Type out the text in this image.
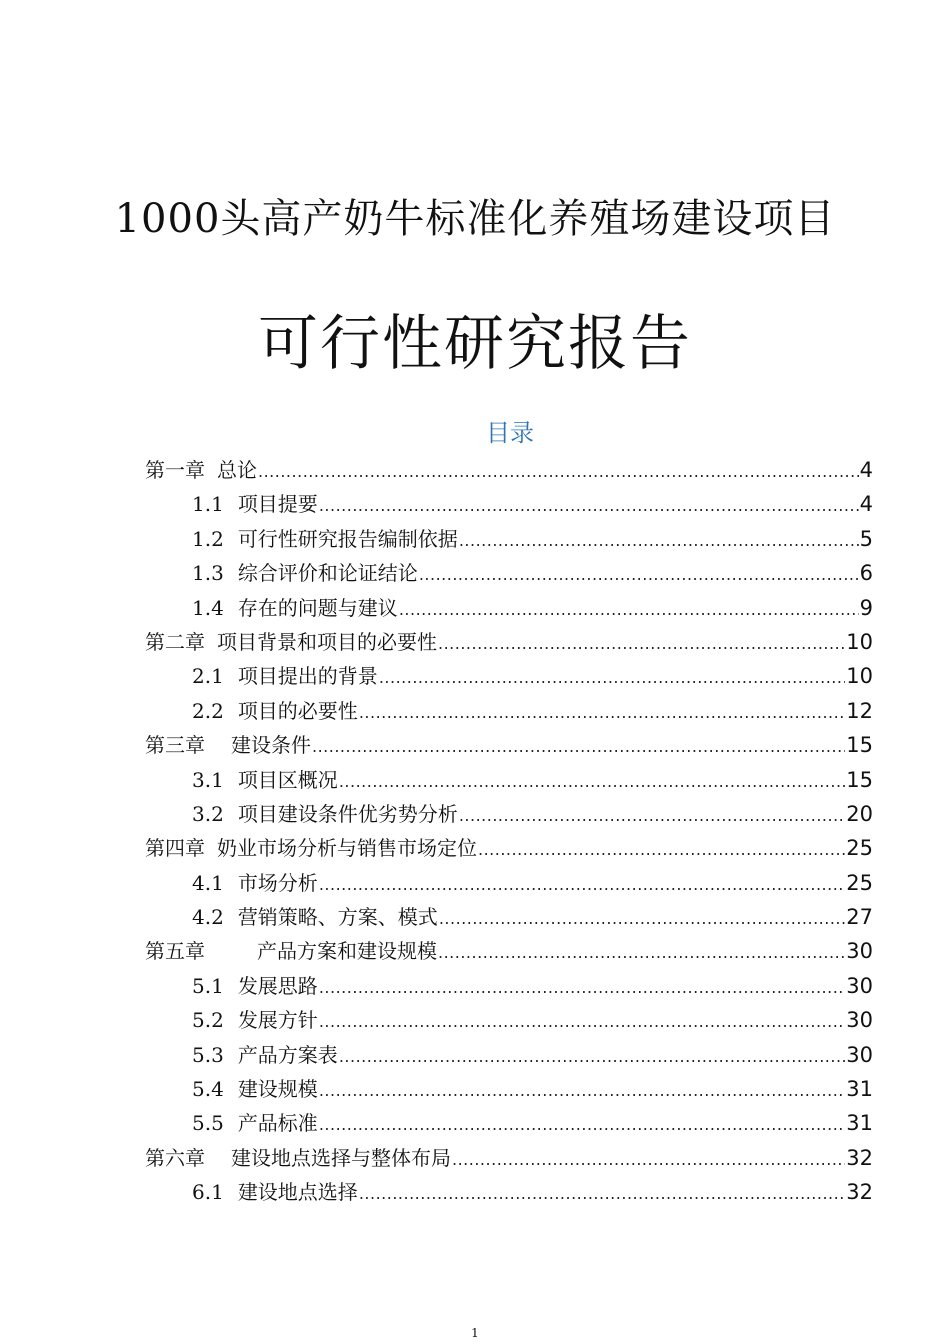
1000头高产奶牛标准化养殖场建设项目
可行性研究报告
目录
第一章 总论 .....	4
1.1 项目提要 .....	4
1.2 可行性研究报告编制依据 .....	5
1.3 综合评价和论证结论 .....	6
1.4 存在的问题与建议 .....	9
第二章 项目背景和项目的必要性 .....	10
2.1 项目提出的背景 .....	10
2.2 项目的必要性 .....	12
第三章 建设条件 .....	15
3.1 项目区概况 .....	15
3.2 项目建设条件优劣势分析 .....	20
第四章 奶业市场分析与销售市场定位 .....	25
4.1 市场分析 .....	25
4.2 营销策略、方案、模式 .....	27
第五章	产品方案和建设规模 .....	30
5.1 发展思路 .....	30
5.2 发展方针 .....	30
5.3 产品方案表 .....	30
5.4 建设规模 .....	31
5.5 产品标准 .....	31
第六章 建设地点选择与整体布局 .....	32
6.1 建设地点选择 .....	32
1
